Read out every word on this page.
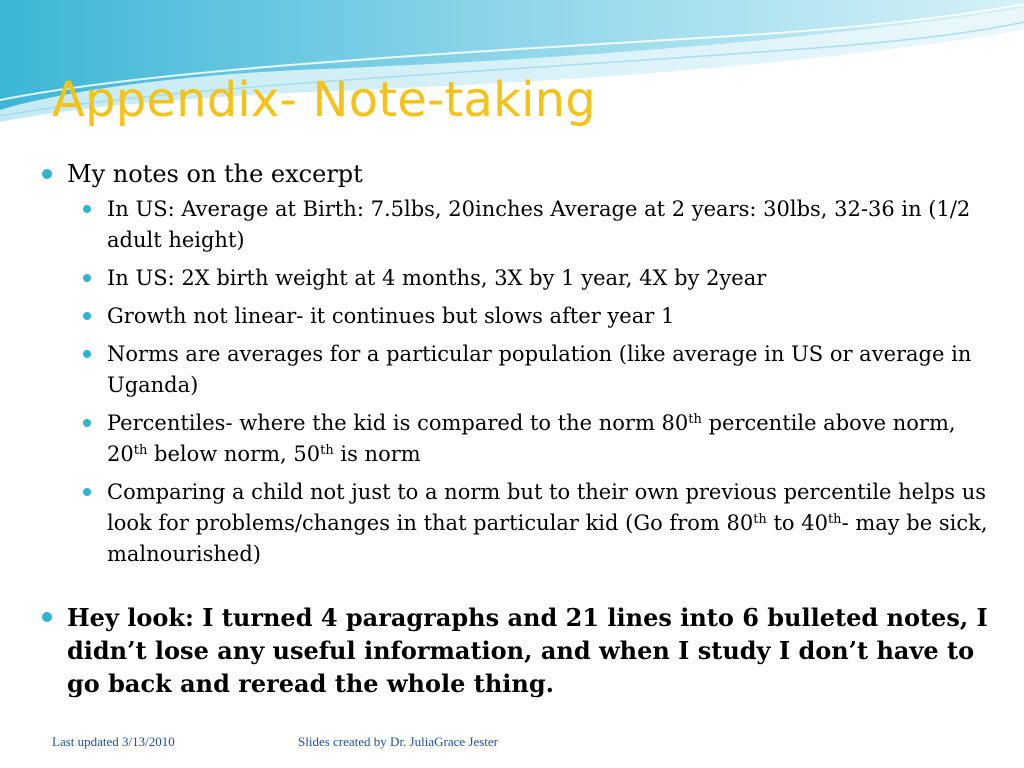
Appendix- Note-taking
My notes on the excerpt
In US: Average at Birth: 7.5lbs, 20inches Average at 2 years: 30lbs, 32-36 in (1/2 adult height)
In US: 2X birth weight at 4 months, 3X by 1 year, 4X by 2year
Growth not linear- it continues but slows after year 1
Norms are averages for a particular population (like average in US or average in Uganda)
Percentiles- where the kid is compared to the norm 80th percentile above norm, 20th below norm, 50th is norm
Comparing a child not just to a norm but to their own previous percentile helps us look for problems/changes in that particular kid (Go from 80th to 40th- may be sick, malnourished)
Hey look: I turned 4 paragraphs and 21 lines into 6 bulleted notes, I didn’t lose any useful information, and when I study I don’t have to go back and reread the whole thing.
Last updated 3/13/2010	Slides created by Dr. JuliaGrace Jester
